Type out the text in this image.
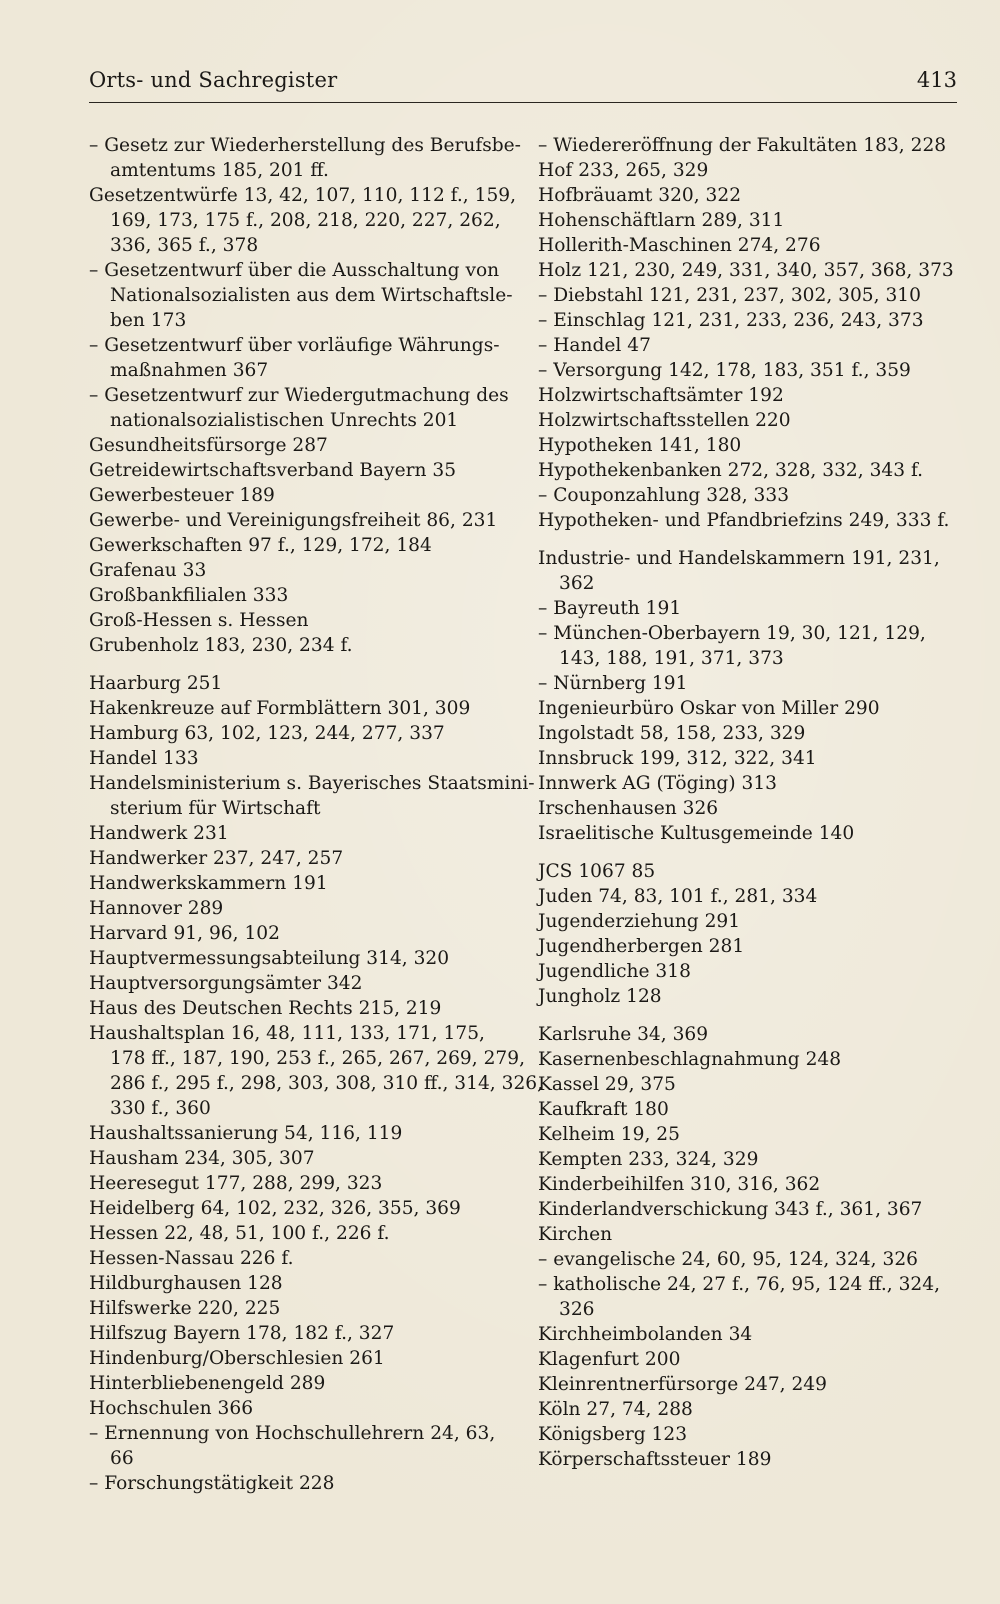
Orts- und Sachregister	413
– Gesetz zur Wiederherstellung des Berufsbe-
amtentums 185, 201 ff.
Gesetzentwürfe 13, 42, 107, 110, 112 f., 159,
169, 173, 175 f., 208, 218, 220, 227, 262,
336, 365 f., 378
– Gesetzentwurf über die Ausschaltung von
Nationalsozialisten aus dem Wirtschaftsle-
ben 173
– Gesetzentwurf über vorläufige Währungs-
maßnahmen 367
– Gesetzentwurf zur Wiedergutmachung des
nationalsozialistischen Unrechts 201
Gesundheitsfürsorge 287
Getreidewirtschaftsverband Bayern 35
Gewerbesteuer 189
Gewerbe- und Vereinigungsfreiheit 86, 231
Gewerkschaften 97 f., 129, 172, 184
Grafenau 33
Großbankfilialen 333
Groß-Hessen s. Hessen
Grubenholz 183, 230, 234 f.
Haarburg 251
Hakenkreuze auf Formblättern 301, 309
Hamburg 63, 102, 123, 244, 277, 337
Handel 133
Handelsministerium s. Bayerisches Staatsmini-
sterium für Wirtschaft
Handwerk 231
Handwerker 237, 247, 257
Handwerkskammern 191
Hannover 289
Harvard 91, 96, 102
Hauptvermessungsabteilung 314, 320
Hauptversorgungsämter 342
Haus des Deutschen Rechts 215, 219
Haushaltsplan 16, 48, 111, 133, 171, 175,
178 ff., 187, 190, 253 f., 265, 267, 269, 279,
286 f., 295 f., 298, 303, 308, 310 ff., 314, 326,
330 f., 360
Haushaltssanierung 54, 116, 119
Hausham 234, 305, 307
Heeresegut 177, 288, 299, 323
Heidelberg 64, 102, 232, 326, 355, 369
Hessen 22, 48, 51, 100 f., 226 f.
Hessen-Nassau 226 f.
Hildburghausen 128
Hilfswerke 220, 225
Hilfszug Bayern 178, 182 f., 327
Hindenburg/Oberschlesien 261
Hinterbliebenengeld 289
Hochschulen 366
– Ernennung von Hochschullehrern 24, 63,
66
– Forschungstätigkeit 228
– Wiedereröffnung der Fakultäten 183, 228
Hof 233, 265, 329
Hofbräuamt 320, 322
Hohenschäftlarn 289, 311
Hollerith-Maschinen 274, 276
Holz 121, 230, 249, 331, 340, 357, 368, 373
– Diebstahl 121, 231, 237, 302, 305, 310
– Einschlag 121, 231, 233, 236, 243, 373
– Handel 47
– Versorgung 142, 178, 183, 351 f., 359
Holzwirtschaftsämter 192
Holzwirtschaftsstellen 220
Hypotheken 141, 180
Hypothekenbanken 272, 328, 332, 343 f.
– Couponzahlung 328, 333
Hypotheken- und Pfandbriefzins 249, 333 f.
Industrie- und Handelskammern 191, 231,
362
– Bayreuth 191
– München-Oberbayern 19, 30, 121, 129,
143, 188, 191, 371, 373
– Nürnberg 191
Ingenieurbüro Oskar von Miller 290
Ingolstadt 58, 158, 233, 329
Innsbruck 199, 312, 322, 341
Innwerk AG (Töging) 313
Irschenhausen 326
Israelitische Kultusgemeinde 140
JCS 1067 85
Juden 74, 83, 101 f., 281, 334
Jugenderziehung 291
Jugendherbergen 281
Jugendliche 318
Jungholz 128
Karlsruhe 34, 369
Kasernenbeschlagnahmung 248
Kassel 29, 375
Kaufkraft 180
Kelheim 19, 25
Kempten 233, 324, 329
Kinderbeihilfen 310, 316, 362
Kinderlandverschickung 343 f., 361, 367
Kirchen
– evangelische 24, 60, 95, 124, 324, 326
– katholische 24, 27 f., 76, 95, 124 ff., 324,
326
Kirchheimbolanden 34
Klagenfurt 200
Kleinrentnerfürsorge 247, 249
Köln 27, 74, 288
Königsberg 123
Körperschaftssteuer 189
